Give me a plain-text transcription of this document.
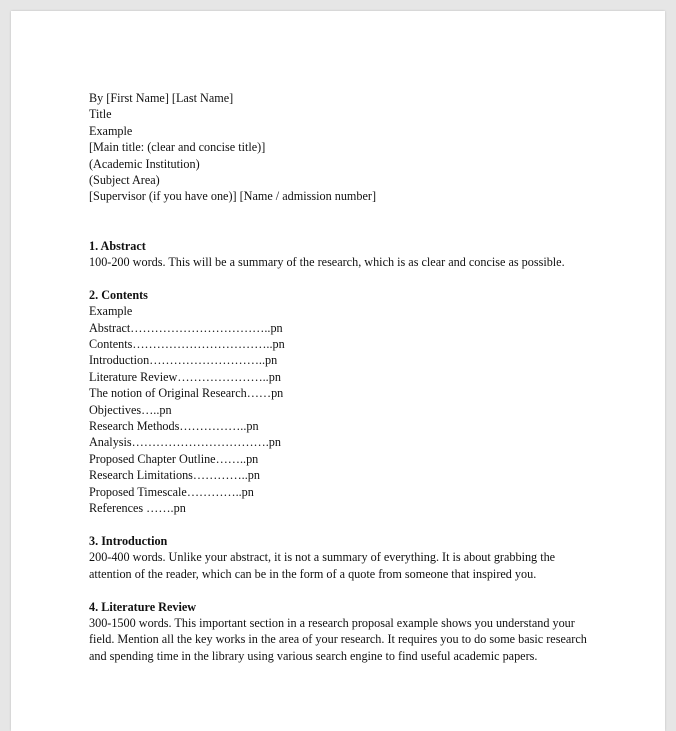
By [First Name] [Last Name]
Title
Example
[Main title: (clear and concise title)]
(Academic Institution)
(Subject Area)
[Supervisor (if you have one)] [Name / admission number]
1. Abstract
100-200 words. This will be a summary of the research, which is as clear and concise as possible.
2. Contents
Example
Abstract……………………………..pn
Contents……………………………..pn
Introduction………………………..pn
Literature Review…………………..pn
The notion of Original Research……pn
Objectives…..pn
Research Methods……………..pn
Analysis…………………………….pn
Proposed Chapter Outline……..pn
Research Limitations…………..pn
Proposed Timescale…………..pn
References …….pn
3. Introduction
200-400 words. Unlike your abstract, it is not a summary of everything. It is about grabbing the attention of the reader, which can be in the form of a quote from someone that inspired you.
4. Literature Review
300-1500 words. This important section in a research proposal example shows you understand your field. Mention all the key works in the area of your research. It requires you to do some basic research and spending time in the library using various search engine to find useful academic papers.
